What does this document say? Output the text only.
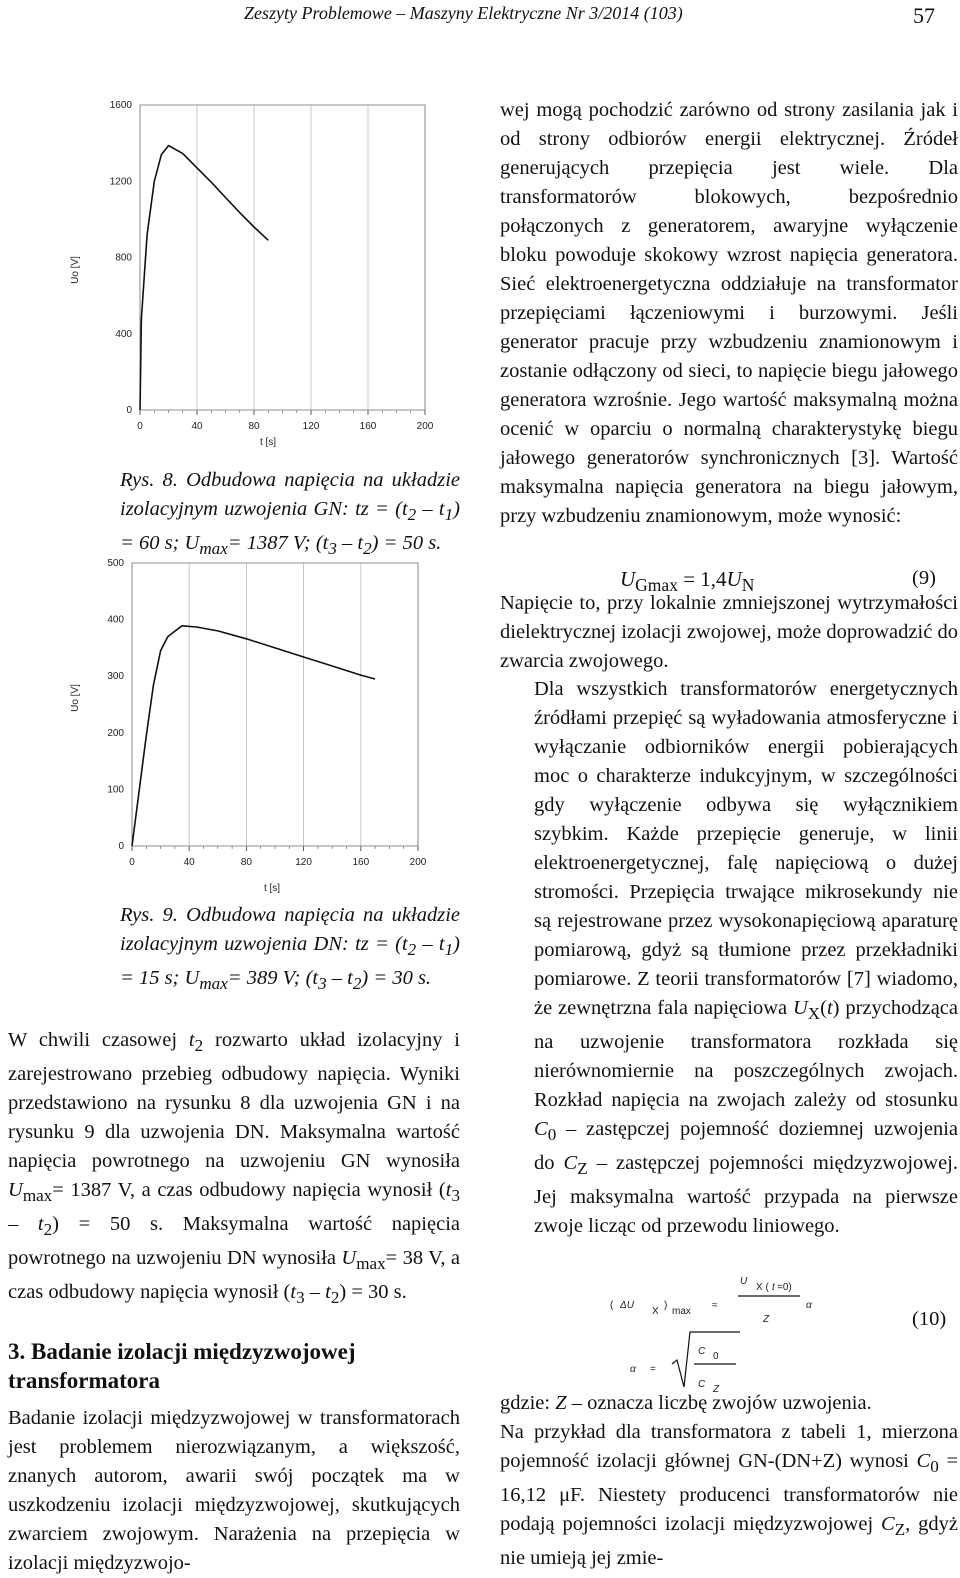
Zeszyty Problemowe – Maszyny Elektryczne Nr 3/2014 (103)	57
Uo [V]
t [s]
0	40	80	120	160	200
0
400
800
1200
1600
Rys. 8. Odbudowa napięcia na układzie izolacyjnym uzwojenia GN: tz = $(t_2 - t_1) = 60$ s; $U_{max}= 1387$ V; $(t_3 - t_2) = 50$ s.
Uo [V]
t [s]
0	40	80	120	160	200
0
100
200
300
400
500
Rys. 9. Odbudowa napięcia na układzie izolacyjnym uzwojenia DN: tz = $(t_2 - t_1) = 15$ s; $U_{max}= 389$ V; $(t_3 - t_2) = 30$ s.
W chwili czasowej $t_2$ rozwarto układ izolacyjny i zarejestrowano przebieg odbudowy napięcia. Wyniki przedstawiono na rysunku 8 dla uzwojenia GN i na rysunku 9 dla uzwojenia DN. Maksymalna wartość napięcia powrotnego na uzwojeniu GN wynosiła $U_{max}= 1387$ V, a czas odbudowy napięcia wynosił $(t_3 - t_2) = 50$ s. Maksymalna wartość napięcia powrotnego na uzwojeniu DN wynosiła $U_{max}= 38$ V, a czas odbudowy napięcia wynosił $(t_3 - t_2) = 30$ s.
3. Badanie izolacji międzyzwojowej transformatora
Badanie izolacji międzyzwojowej w transformatorach jest problemem nierozwiązanym, a większość, znanych autorom, awarii swój początek ma w uszkodzeniu izolacji międzyzwojowej, skutkujących zwarciem zwojowym. Narażenia na przepięcia w izolacji międzyzwojo-
wej mogą pochodzić zarówno od strony zasilania jak i od strony odbiorów energii elektrycznej. Źródeł generujących przepięcia jest wiele. Dla transformatorów blokowych, bezpośrednio połączonych z generatorem, awaryjne wyłączenie bloku powoduje skokowy wzrost napięcia generatora. Sieć elektroenergetyczna oddziałuje na transformator przepięciami łączeniowymi i burzowymi. Jeśli generator pracuje przy wzbudzeniu znamionowym i zostanie odłączony od sieci, to napięcie biegu jałowego generatora wzrośnie. Jego wartość maksymalną można ocenić w oparciu o normalną charakterystykę biegu jałowego generatorów synchronicznych [3]. Wartość maksymalna napięcia generatora na biegu jałowym, przy wzbudzeniu znamionowym, może wynosić:
$U_{Gmax} = 1,4U_N$	(9)
Napięcie to, przy lokalnie zmniejszonej wytrzymałości dielektrycznej izolacji zwojowej, może doprowadzić do zwarcia zwojowego.
Dla wszystkich transformatorów energetycznych źródłami przepięć są wyładowania atmosferyczne i wyłączanie odbiorników energii pobierających moc o charakterze indukcyjnym, w szczególności gdy wyłączenie odbywa się wyłącznikiem szybkim. Każde przepięcie generuje, w linii elektroenergetycznej, falę napięciową o dużej stromości. Przepięcia trwające mikrosekundy nie są rejestrowane przez wysokonapięciową aparaturę pomiarową, gdyż są tłumione przez przekładniki pomiarowe. Z teorii transformatorów [7] wiadomo, że zewnętrzna fala napięciowa $U_X(t)$ przychodząca na uzwojenie transformatora rozkłada się nierównomiernie na poszczególnych zwojach. Rozkład napięcia na zwojach zależy od stosunku $C_0$ – zastępczej pojemność doziemnej uzwojenia do $C_Z$ – zastępczej pojemności międzyzwojowej. Jej maksymalna wartość przypada na pierwsze zwoje licząc od przewodu liniowego.
( ΔU
X
)
max
≈
U
X ( t =0)
Z
α
α =
C 0
C Z
(10)
gdzie: Z – oznacza liczbę zwojów uzwojenia.
Na przykład dla transformatora z tabeli 1, mierzona pojemność izolacji głównej GN-(DN+Z) wynosi $C_0 = 16,12$ μF. Niestety producenci transformatorów nie podają pojemności izolacji międzyzwojowej $C_Z$, gdyż nie umieją jej zmie-
